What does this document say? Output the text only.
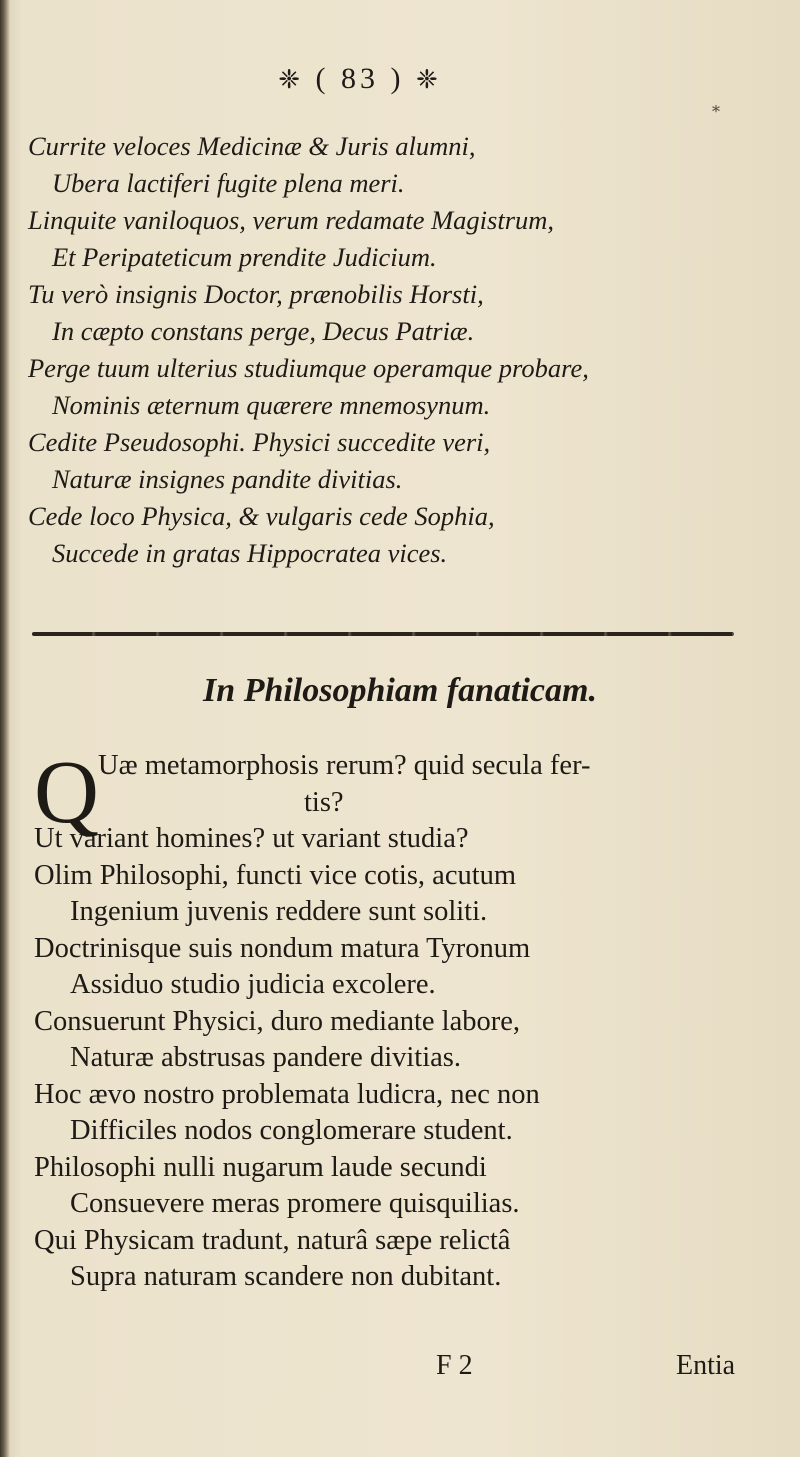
❈ ( 83 ) ❈
*
Currite veloces Medicinæ & Juris alumni,
Ubera lactiferi fugite plena meri.
Linquite vaniloquos, verum redamate Magistrum,
Et Peripateticum prendite Judicium.
Tu verò insignis Doctor, prænobilis Horsti,
In cæpto constans perge, Decus Patriæ.
Perge tuum ulterius studiumque operamque probare,
Nominis æternum quærere mnemosynum.
Cedite Pseudosophi. Physici succedite veri,
Naturæ insignes pandite divitias.
Cede loco Physica, & vulgaris cede Sophia,
Succede in gratas Hippocratea vices.
In Philosophiam fanaticam.
Q Uæ metamorphosis rerum? quid secula fer-
tis?
Ut variant homines? ut variant studia?
Olim Philosophi, functi vice cotis, acutum
Ingenium juvenis reddere sunt soliti.
Doctrinisque suis nondum matura Tyronum
Assiduo studio judicia excolere.
Consuerunt Physici, duro mediante labore,
Naturæ abstrusas pandere divitias.
Hoc ævo nostro problemata ludicra, nec non
Difficiles nodos conglomerare student.
Philosophi nulli nugarum laude secundi
Consuevere meras promere quisquilias.
Qui Physicam tradunt, naturâ sæpe relictâ
Supra naturam scandere non dubitant.
F 2	Entia
